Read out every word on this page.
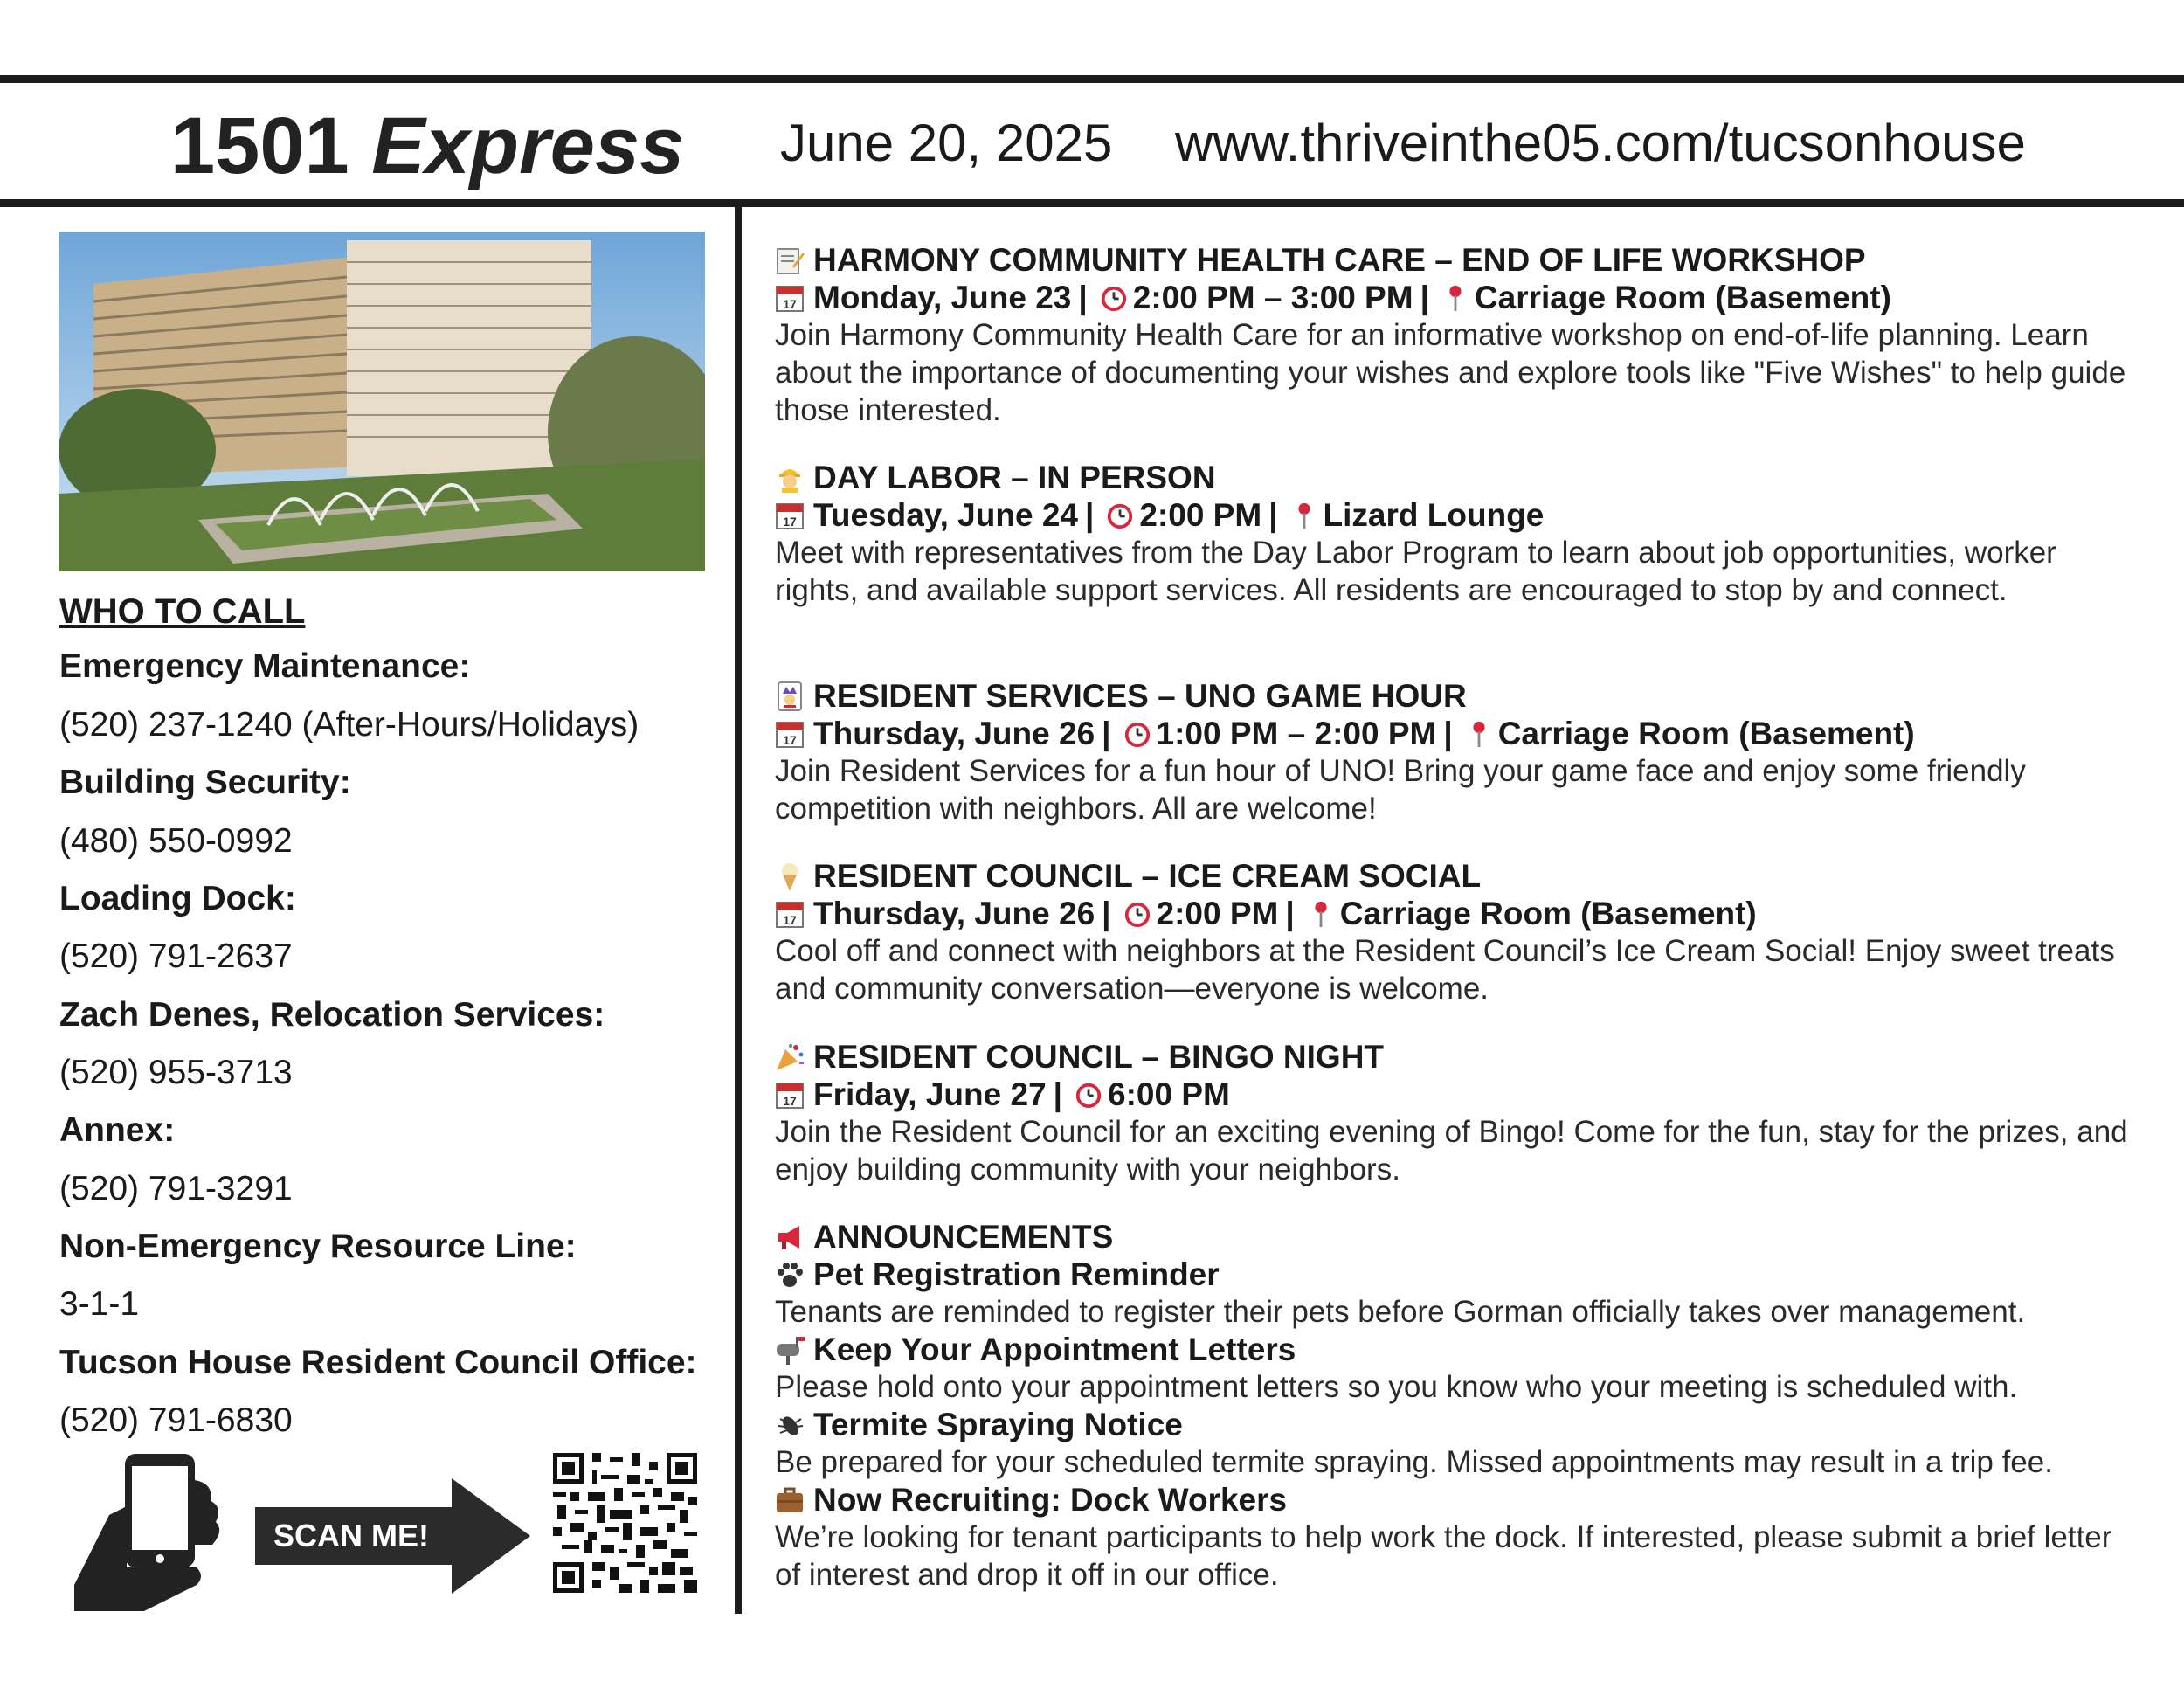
1501 Express June 20, 2025 www.thriveinthe05.com/tucsonhouse
WHO TO CALL
Emergency Maintenance:
(520) 237-1240 (After-Hours/Holidays)
Building Security:
(480) 550-0992
Loading Dock:
(520) 791-2637
Zach Denes, Relocation Services:
(520) 955-3713
Annex:
(520) 791-3291
Non-Emergency Resource Line:
3-1-1
Tucson House Resident Council Office:
(520) 791-6830
SCAN ME!
HARMONY COMMUNITY HEALTH CARE – END OF LIFE WORKSHOP
17 Monday, June 23 | 2:00 PM – 3:00 PM | Carriage Room (Basement)
Join Harmony Community Health Care for an informative workshop on end-of-life planning. Learn about the importance of documenting your wishes and explore tools like "Five Wishes" to help guide those interested.
DAY LABOR – IN PERSON
17 Tuesday, June 24 | 2:00 PM | Lizard Lounge
Meet with representatives from the Day Labor Program to learn about job opportunities, worker rights, and available support services. All residents are encouraged to stop by and connect.
RESIDENT SERVICES – UNO GAME HOUR
17 Thursday, June 26 | 1:00 PM – 2:00 PM | Carriage Room (Basement)
Join Resident Services for a fun hour of UNO! Bring your game face and enjoy some friendly competition with neighbors. All are welcome!
RESIDENT COUNCIL – ICE CREAM SOCIAL
17 Thursday, June 26 | 2:00 PM | Carriage Room (Basement)
Cool off and connect with neighbors at the Resident Council’s Ice Cream Social! Enjoy sweet treats and community conversation—everyone is welcome.
RESIDENT COUNCIL – BINGO NIGHT
17 Friday, June 27 | 6:00 PM
Join the Resident Council for an exciting evening of Bingo! Come for the fun, stay for the prizes, and enjoy building community with your neighbors.
ANNOUNCEMENTS
Pet Registration Reminder
Tenants are reminded to register their pets before Gorman officially takes over management.
Keep Your Appointment Letters
Please hold onto your appointment letters so you know who your meeting is scheduled with.
Termite Spraying Notice
Be prepared for your scheduled termite spraying. Missed appointments may result in a trip fee.
Now Recruiting: Dock Workers
We’re looking for tenant participants to help work the dock. If interested, please submit a brief letter of interest and drop it off in our office.
